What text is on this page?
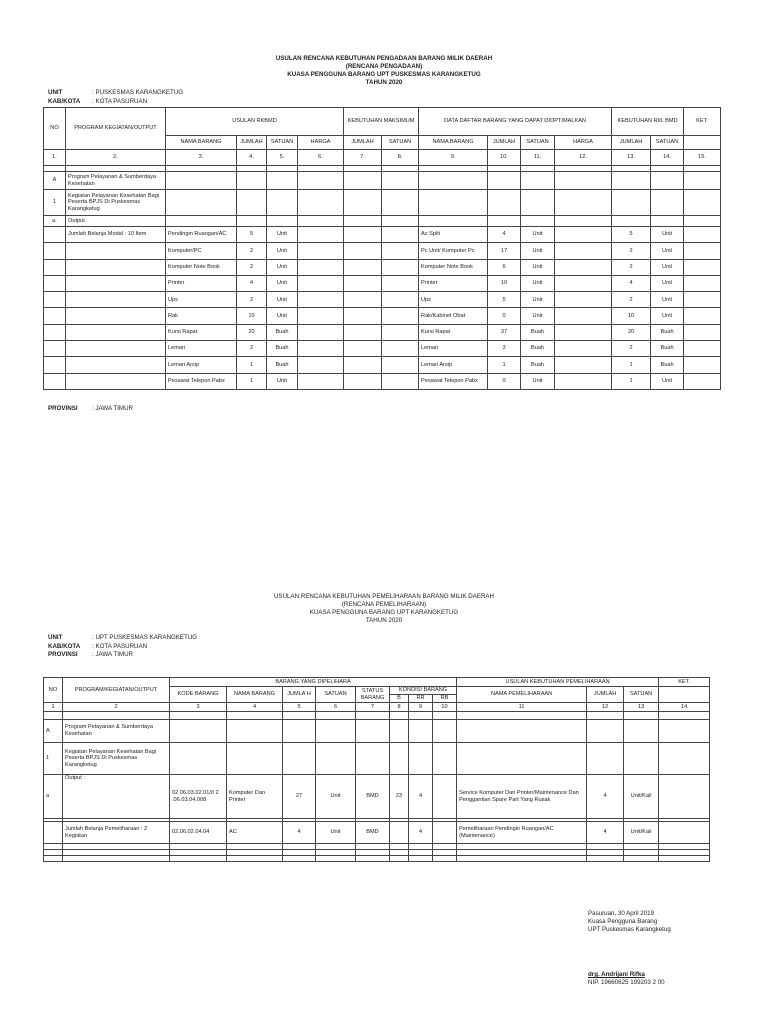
USULAN RENCANA KEBUTUHAN PENGADAAN BARANG MILIK DAERAH
(RENCANA PENGADAAN)
KUASA PENGGUNA BARANG UPT PUSKESMAS KARANGKETUG
TAHUN 2020
UNIT	: PUSKESMAS KARANGKETUG
KAB/KOTA : KOTA PASURUAN
NO	PROGRAM KEGIATAN/OUTPUT	USULAN RKBMD				KEBUTUHAN MAKSIMUM		DATA DAFTAR BARANG YANG DAPAT DIOPTIMALKAN				KEBUTUHAN RIIL BMD		KET.
		NAMA BARANG	JUMLAH	SATUAN	HARGA	JUMLAH	SATUAN	NAMA BARANG	JUMLAH	SATUAN	HARGA	JUMLAH	SATUAN	
1.	2.	3.	4.	5.	6.	7.	8.	9.	10.	11.	12.	13.	14.	15.

A	Program Pelayanan & Sumberdaya Kesehatan													
1	Kegiatan Pelayanan Kesehatan Bagi Peserta BPJS Di Puskesmas Karangketug													
a.	Output													
	Jumlah Belanja Modal : 10 Item	Pendingin Ruangan/AC	5	Unit				Ac Split	4	Unit		5	Unit	
		Komputer/PC	2	Unit				Pc Unit/ Komputer Pc	17	Unit		2	Unit	
		Komputer Note Book	2	Unit				Komputer Note Book	6	Unit		2	Unit	
		Printer	4	Unit				Printer	10	Unit		4	Unit	
		Ups	2	Unit				Ups	5	Unit		2	Unit	
		Rak	10	Unit				Rak/Kabinet Obat	0	Unit		10	Unit	
		Kursi Rapat	20	Buah				Kursi Rapat	37	Buah		20	Buah	
		Lemari	2	Buah				Lemari	3	Buah		2	Buah	
		Lemari Arsip	1	Buah				Lemari Arsip	1	Buah		1	Buah	
		Pesawat Telepon Pabx	1	Unit				Pesawat Telepon Pabx	0	Unit		1	Unit	
PROVINSI : JAWA TIMUR
USULAN RENCANA KEBUTUHAN PEMELIHARAAN BARANG MILIK DAERAH
(RENCANA PEMELIHARAAN)
KUASA PENGGUNA BARANG UPT KARANGKETUG
TAHUN 2020
UNIT	: UPT PUSKESMAS KARANGKETUG
KAB/KOTA : KOTA PASURUAN
PROVINSI : JAWA TIMUR
NO	PROGRAM/KEGIATAN/OUTPUT	BARANG YANG DIPELIHARA								USULAN KEBUTUHAN PEMELIHARAAN			KET.
		KODE BARANG	NAMA BARANG	JUMLA H	SATUAN	STATUS BARANG	KONDISI BARANG			NAMA PEMELIHARAAN	JUMLAH	SATUAN	
							B	RR	RB				
1	2	3	4	5	6	7	8	9	10	11	12	13	14

A	Program Pelayanan & Sumberdaya Kesehatan												
1	Kegiatan Pelayanan Kesehatan Bagi Peserta BPJS Di Puskesmas Karangketug												
a	Output :	02.06.03.02.01/0 2 .06.03.04.008	Komputer Dan Printer	27	Unit	BMD	23	4		Service Komputer Dan Printer/Maintenance Dan Penggantian Spare Part Yang Rusak	4	Unit/Kali	

	Jumlah Belanja Pemeliharaan : 2 Kegiatan	02.06.02.04.04	AC	4	Unit	BMD		4		Pemeliharaan Pendingin Ruangan/AC (Maintenance)	4	Unit/Kali	

Pasuruan, 30 April 2019
Kuasa Pengguna Barang
UPT Puskesmas Karangketug
drg. Andrijani Rifka
NIP. 19660625 199203 2 00
